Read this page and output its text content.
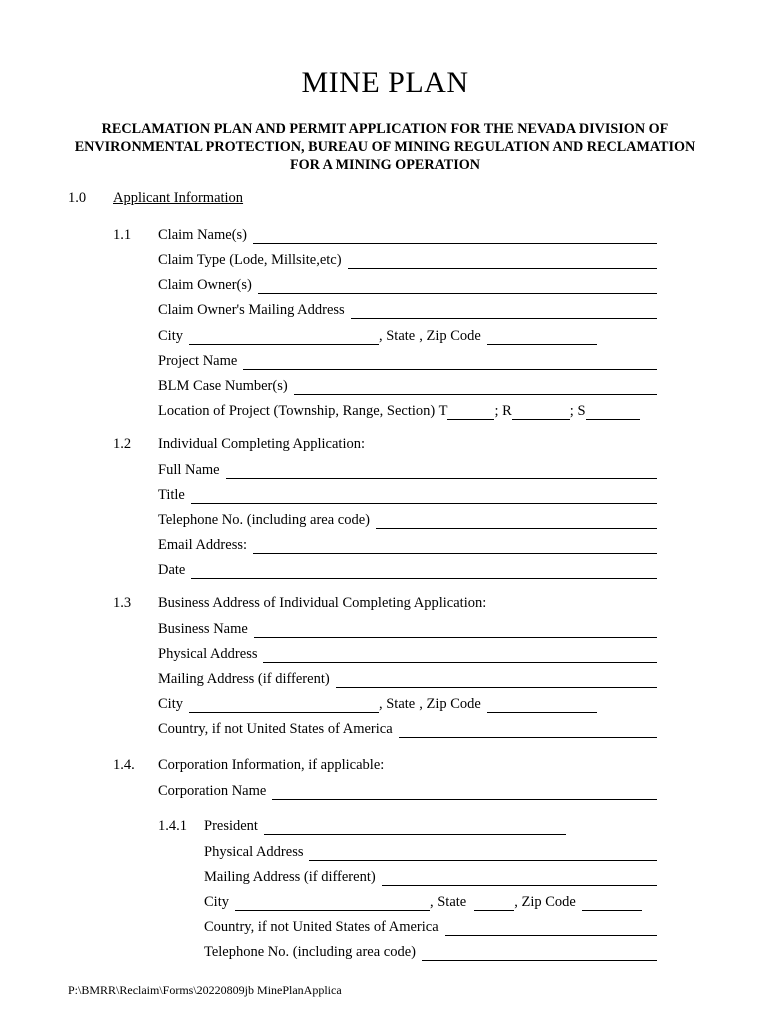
MINE PLAN
RECLAMATION PLAN AND PERMIT APPLICATION FOR THE NEVADA DIVISION OF ENVIRONMENTAL PROTECTION, BUREAU OF MINING REGULATION AND RECLAMATION FOR A MINING OPERATION
1.0 Applicant Information
1.1 Claim Name(s)
Claim Type (Lode, Millsite,etc)
Claim Owner(s)
Claim Owner's Mailing Address
City	, State , Zip Code
Project Name
BLM Case Number(s)
Location of Project (Township, Range, Section) T	; R	; S
1.2 Individual Completing Application:
Full Name
Title
Telephone No. (including area code)
Email Address:
Date
1.3 Business Address of Individual Completing Application:
Business Name
Physical Address
Mailing Address (if different)
City	, State , Zip Code
Country, if not United States of America
1.4. Corporation Information, if applicable:
Corporation Name
1.4.1 President
Physical Address
Mailing Address (if different)
City	, State	, Zip Code
Country, if not United States of America
Telephone No. (including area code)
P:\BMRR\Reclaim\Forms\20220809jb MinePlanApplica
